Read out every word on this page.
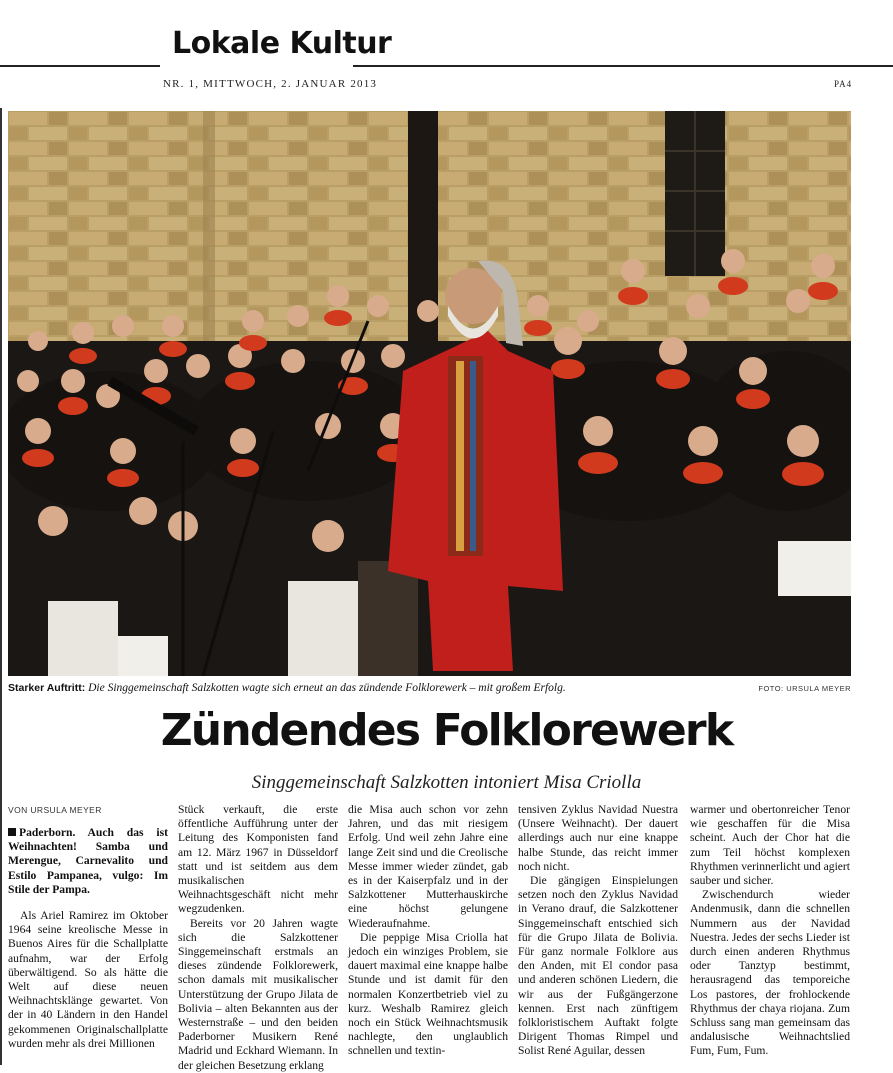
Lokale Kultur
NR. 1, MITTWOCH, 2. JANUAR 2013	PA4
Starker Auftritt: Die Singgemeinschaft Salzkotten wagte sich erneut an das zündende Folklorewerk – mit großem Erfolg.	FOTO: URSULA MEYER
Zündendes Folklorewerk
Singgemeinschaft Salzkotten intoniert Misa Criolla
VON URSULA MEYER

Paderborn. Auch das ist Weihnachten! Samba und Merengue, Carnevalito und Estilo Pampanea, vulgo: Im Stile der Pampa.

Als Ariel Ramirez im Oktober 1964 seine kreolische Messe in Buenos Aires für die Schallplatte aufnahm, war der Erfolg überwältigend. So als hätte die Welt auf diese neuen Weihnachtsklänge gewartet. Von der in 40 Ländern in den Handel gekommenen Originalschallplatte wurden mehr als drei Millionen

Stück verkauft, die erste öffentliche Aufführung unter der Leitung des Komponisten fand am 12. März 1967 in Düsseldorf statt und ist seitdem aus dem musikalischen Weihnachtsgeschäft nicht mehr wegzudenken.

Bereits vor 20 Jahren wagte sich die Salzkottener Singgemeinschaft erstmals an dieses zündende Folklorewerk, schon damals mit musikalischer Unterstützung der Grupo Jilata de Bolivia – alten Bekannten aus der Westernstraße – und den beiden Paderborner Musikern René Madrid und Eckhard Wiemann. In der gleichen Besetzung erklang

die Misa auch schon vor zehn Jahren, und das mit riesigem Erfolg. Und weil zehn Jahre eine lange Zeit sind und die Creolische Messe immer wieder zündet, gab es in der Kaiserpfalz und in der Salzkottener Mutterhauskirche eine höchst gelungene Wiederaufnahme.

Die peppige Misa Criolla hat jedoch ein winziges Problem, sie dauert maximal eine knappe halbe Stunde und ist damit für den normalen Konzertbetrieb viel zu kurz. Weshalb Ramirez gleich noch ein Stück Weihnachtsmusik nachlegte, den unglaublich schnellen und textin-

tensiven Zyklus Navidad Nuestra (Unsere Weihnacht). Der dauert allerdings auch nur eine knappe halbe Stunde, das reicht immer noch nicht.

Die gängigen Einspielungen setzen noch den Zyklus Navidad in Verano drauf, die Salzkottener Singgemeinschaft entschied sich für die Grupo Jilata de Bolivia. Für ganz normale Folklore aus den Anden, mit El condor pasa und anderen schönen Liedern, die wir aus der Fußgängerzone kennen. Erst nach zünftigem folkloristischem Auftakt folgte Dirigent Thomas Rimpel und Solist René Aguilar, dessen

warmer und obertonreicher Tenor wie geschaffen für die Misa scheint. Auch der Chor hat die zum Teil höchst komplexen Rhythmen verinnerlicht und agiert sauber und sicher.

Zwischendurch wieder Andenmusik, dann die schnellen Nummern aus der Navidad Nuestra. Jedes der sechs Lieder ist durch einen anderen Rhythmus oder Tanztyp bestimmt, herausragend das temporeiche Los pastores, der frohlockende Rhythmus der chaya riojana. Zum Schluss sang man gemeinsam das andalusische Weihnachtslied Fum, Fum, Fum.
